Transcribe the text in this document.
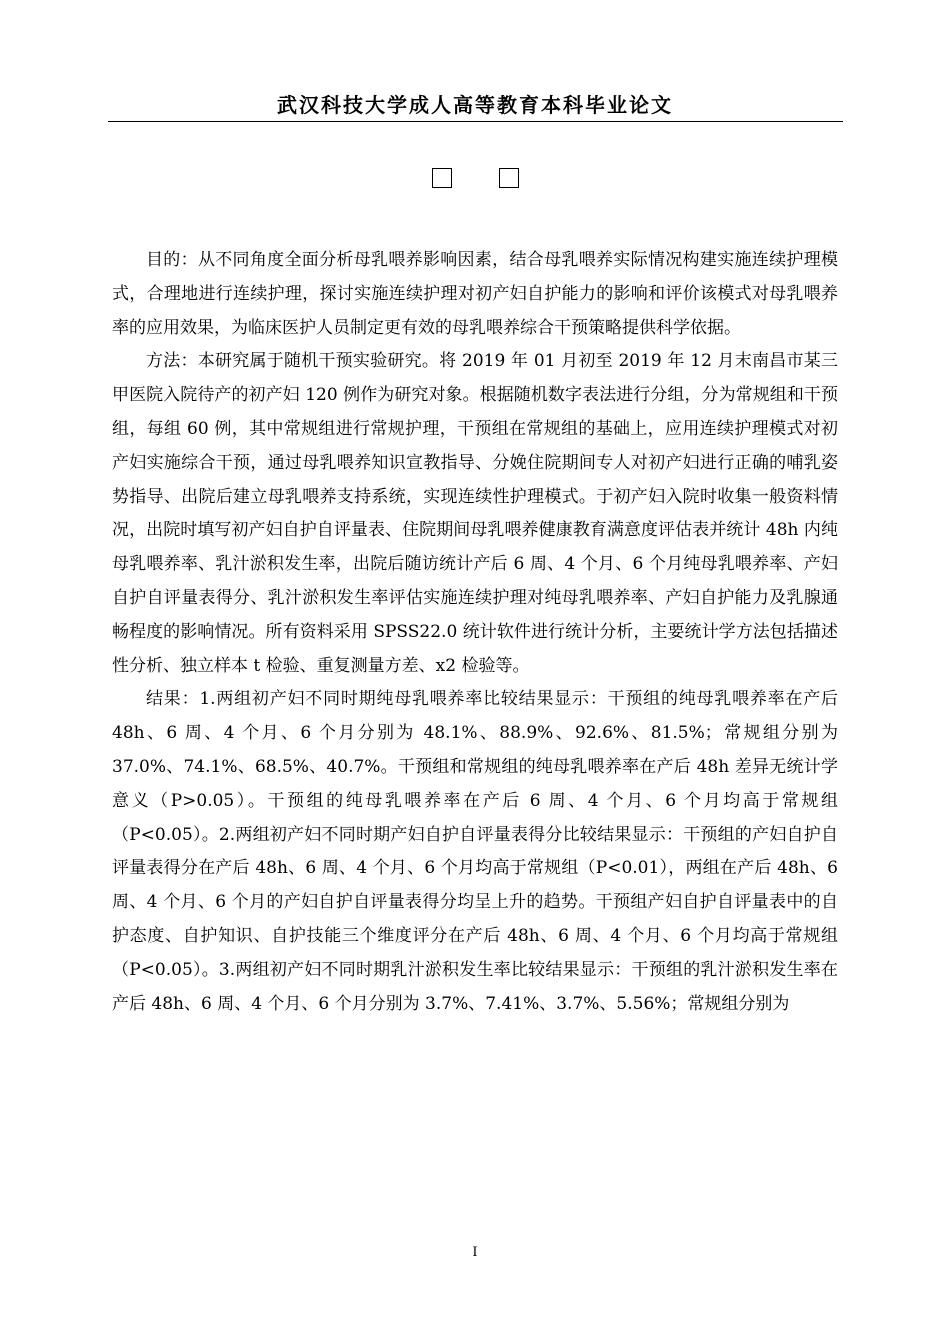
武汉科技大学成人高等教育本科毕业论文

目的：从不同角度全面分析母乳喂养影响因素，结合母乳喂养实际情况构建实施连续护理模式，合理地进行连续护理，探讨实施连续护理对初产妇自护能力的影响和评价该模式对母乳喂养率的应用效果，为临床医护人员制定更有效的母乳喂养综合干预策略提供科学依据。

方法：本研究属于随机干预实验研究。将 2019 年 01 月初至 2019 年 12 月末南昌市某三甲医院入院待产的初产妇 120 例作为研究对象。根据随机数字表法进行分组，分为常规组和干预组，每组 60 例，其中常规组进行常规护理，干预组在常规组的基础上，应用连续护理模式对初产妇实施综合干预，通过母乳喂养知识宣教指导、分娩住院期间专人对初产妇进行正确的哺乳姿势指导、出院后建立母乳喂养支持系统，实现连续性护理模式。于初产妇入院时收集一般资料情况，出院时填写初产妇自护自评量表、住院期间母乳喂养健康教育满意度评估表并统计 48h 内纯母乳喂养率、乳汁淤积发生率，出院后随访统计产后 6 周、4 个月、6 个月纯母乳喂养率、产妇自护自评量表得分、乳汁淤积发生率评估实施连续护理对纯母乳喂养率、产妇自护能力及乳腺通畅程度的影响情况。所有资料采用 SPSS22.0 统计软件进行统计分析，主要统计学方法包括描述性分析、独立样本 t 检验、重复测量方差、x2 检验等。

结果：1.两组初产妇不同时期纯母乳喂养率比较结果显示：干预组的纯母乳喂养率在产后 48h、6 周、4 个月、6 个月分别为 48.1%、88.9%、92.6%、81.5%；常规组分别为 37.0%、74.1%、68.5%、40.7%。干预组和常规组的纯母乳喂养率在产后 48h 差异无统计学意义（P>0.05）。干预组的纯母乳喂养率在产后 6 周、4 个月、6 个月均高于常规组（P<0.05）。2.两组初产妇不同时期产妇自护自评量表得分比较结果显示：干预组的产妇自护自评量表得分在产后 48h、6 周、4 个月、6 个月均高于常规组（P<0.01），两组在产后 48h、6 周、4 个月、6 个月的产妇自护自评量表得分均呈上升的趋势。干预组产妇自护自评量表中的自护态度、自护知识、自护技能三个维度评分在产后 48h、6 周、4 个月、6 个月均高于常规组（P<0.05）。3.两组初产妇不同时期乳汁淤积发生率比较结果显示：干预组的乳汁淤积发生率在产后 48h、6 周、4 个月、6 个月分别为 3.7%、7.41%、3.7%、5.56%；常规组分别为

I
